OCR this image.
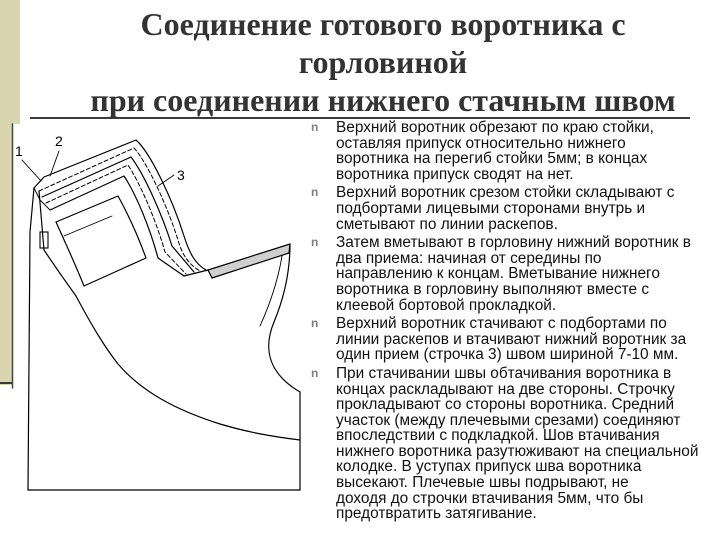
Соединение готового воротника с
горловиной
при соединении нижнего стачным швом
1
2
3
n Верхний воротник обрезают по краю стойки,
оставляя припуск относительно нижнего
воротника на перегиб стойки 5мм; в концах
воротника припуск сводят на нет.
n Верхний воротник срезом стойки складывают с
подбортами лицевыми сторонами внутрь и
сметывают по линии раскепов.
n Затем вметывают в горловину нижний воротник в
два приема: начиная от середины по
направлению к концам. Вметывание нижнего
воротника в горловину выполняют вместе с
клеевой бортовой прокладкой.
n Верхний воротник стачивают с подбортами по
линии раскепов и втачивают нижний воротник за
один прием (строчка 3) швом шириной 7-10 мм.
n При стачивании швы обтачивания воротника в
концах раскладывают на две стороны. Строчку
прокладывают со стороны воротника. Средний
участок (между плечевыми срезами) соединяют
впоследствии с подкладкой. Шов втачивания
нижнего воротника разутюживают на специальной
колодке. В уступах припуск шва воротника
высекают. Плечевые швы подрывают, не
доходя до строчки втачивания 5мм, что бы
предотвратить затягивание.
